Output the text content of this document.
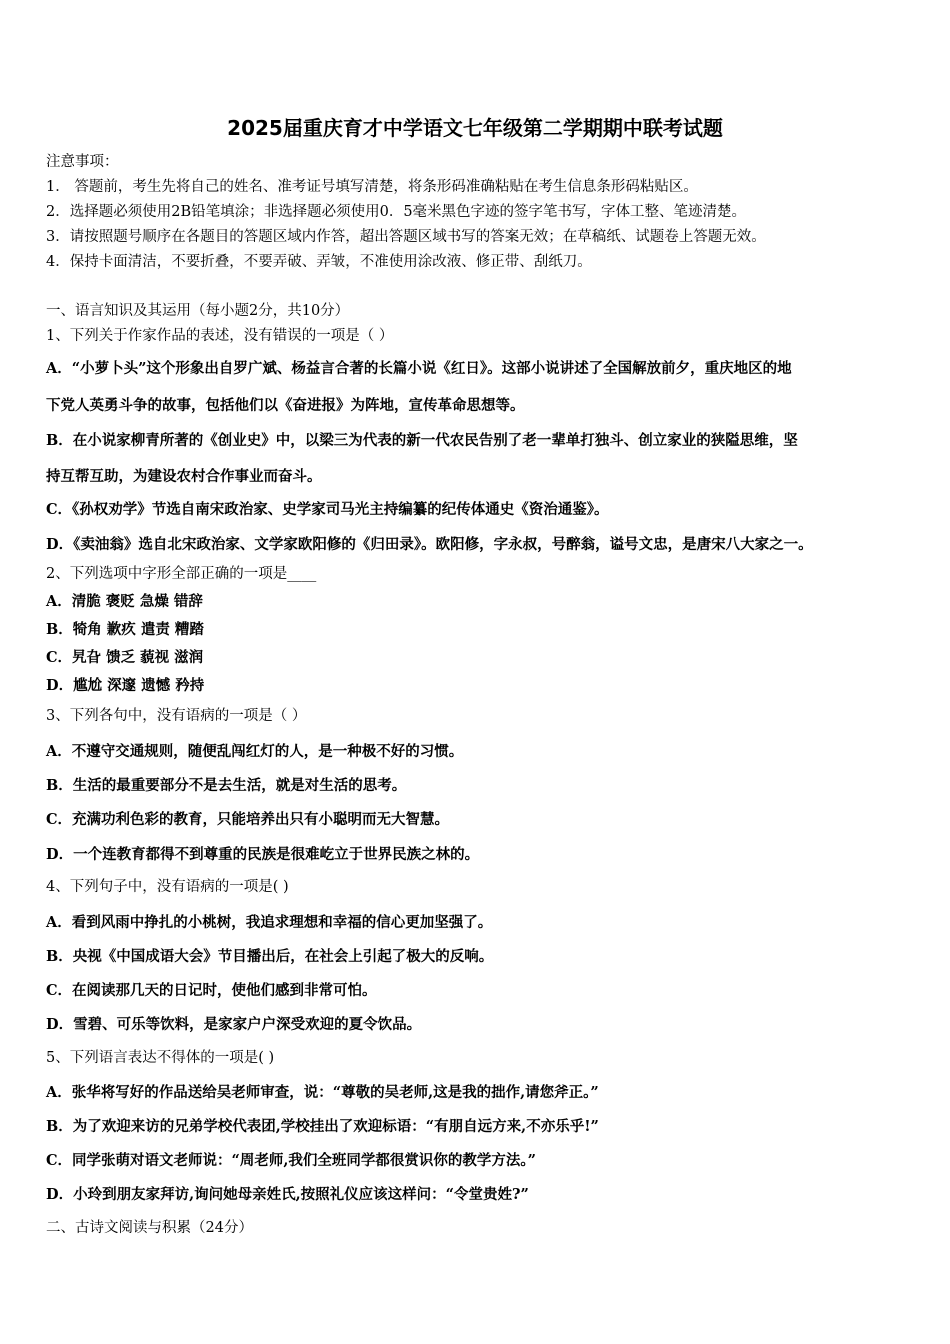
2025届重庆育才中学语文七年级第二学期期中联考试题
注意事项：
1． 答题前，考生先将自己的姓名、准考证号填写清楚，将条形码准确粘贴在考生信息条形码粘贴区。
2．选择题必须使用2B铅笔填涂；非选择题必须使用0．5毫米黑色字迹的签字笔书写，字体工整、笔迹清楚。
3．请按照题号顺序在各题目的答题区域内作答，超出答题区域书写的答案无效；在草稿纸、试题卷上答题无效。
4．保持卡面清洁，不要折叠，不要弄破、弄皱，不准使用涂改液、修正带、刮纸刀。
一、语言知识及其运用（每小题2分，共10分）
1、下列关于作家作品的表述，没有错误的一项是（ ）
A．“小萝卜头”这个形象出自罗广斌、杨益言合著的长篇小说《红日》。这部小说讲述了全国解放前夕，重庆地区的地
下党人英勇斗争的故事，包括他们以《奋进报》为阵地，宣传革命思想等。
B．在小说家柳青所著的《创业史》中，以梁三为代表的新一代农民告别了老一辈单打独斗、创立家业的狭隘思维，坚
持互帮互助，为建设农村合作事业而奋斗。
C．《孙权劝学》节选自南宋政治家、史学家司马光主持编纂的纪传体通史《资治通鉴》。
D．《卖油翁》选自北宋政治家、文学家欧阳修的《归田录》。欧阳修，字永叔，号醉翁，谥号文忠，是唐宋八大家之一。
2、下列选项中字形全部正确的一项是____
A．清脆 褒贬 急燥 错辞
B．犄角 歉疚 遣责 糟踏
C．旯旮 馈乏 藐视 滋润
D．尴尬 深邃 遗憾 矜持
3、下列各句中，没有语病的一项是（ ）
A．不遵守交通规则，随便乱闯红灯的人，是一种极不好的习惯。
B．生活的最重要部分不是去生活，就是对生活的思考。
C．充满功利色彩的教育，只能培养出只有小聪明而无大智慧。
D．一个连教育都得不到尊重的民族是很难屹立于世界民族之林的。
4、下列句子中，没有语病的一项是( )
A．看到风雨中挣扎的小桃树，我追求理想和幸福的信心更加坚强了。
B．央视《中国成语大会》节目播出后，在社会上引起了极大的反响。
C．在阅读那几天的日记时，使他们感到非常可怕。
D．雪碧、可乐等饮料，是家家户户深受欢迎的夏令饮品。
5、下列语言表达不得体的一项是( )
A．张华将写好的作品送给吴老师审查，说：“尊敬的吴老师,这是我的拙作,请您斧正。”
B．为了欢迎来访的兄弟学校代表团,学校挂出了欢迎标语：“有朋自远方来,不亦乐乎!”
C．同学张萌对语文老师说：“周老师,我们全班同学都很赏识你的教学方法。”
D．小玲到朋友家拜访,询问她母亲姓氏,按照礼仪应该这样问：“令堂贵姓?”
二、古诗文阅读与积累（24分）
